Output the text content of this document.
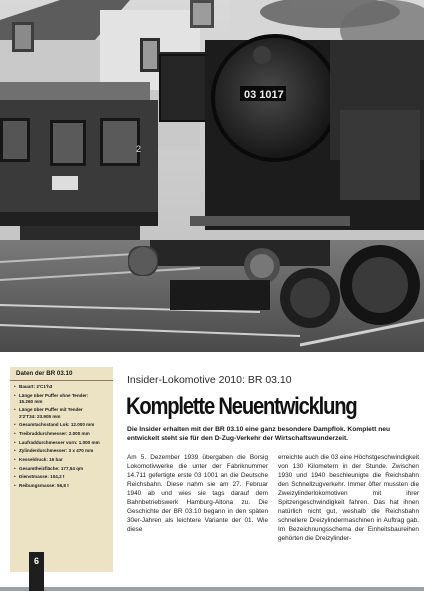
2
03 1017
Daten der BR 03.10
• Bauart: 2'C1'h3
• Länge über Puffer ohne Tender:
15.260 mm
• Länge über Puffer mit Tender
2'2'T34: 23.905 mm
• Gesamtachsstand Lok: 12.000 mm
• Treibraddurchmesser: 2.000 mm
• Laufraddurchmesser vorn: 1.000 mm
• Zylinderdurchmesser: 3 x 470 mm
• Kesseldruck: 16 bar
• Gesamtheizfläche: 177,54 qm
• Dienstmasse: 104,2 t
• Reibungsmasse: 56,8 t
Insider-Lokomotive 2010: BR 03.10
Komplette Neuentwicklung
Die Insider erhalten mit der BR 03.10 eine ganz besondere Dampflok. Komplett neu entwickelt steht sie für den D-Zug-Verkehr der Wirtschaftswunderzeit.
Am 5. Dezember 1939 übergaben die Borsig Lokomotivwerke die unter der Fabriknummer 14.711 gefertigte erste 03 1001 an die Deutsche Reichsbahn. Diese nahm sie am 27. Februar 1940 ab und wies sie tags darauf dem Bahnbetriebswerk Hamburg-Altona zu. Die Geschichte der BR 03.10 begann in den späten 30er-Jahren als leichtere Variante der 01. Wie diese
erreichte auch die 03 eine Höchstgeschwindigkeit von 130 Kilometern in der Stunde. Zwischen 1930 und 1940 beschleunigte die Reichsbahn den Schnellzugverkehr. Immer öfter mussten die Zweizylinderlokomotiven mit ihrer Spitzengeschwindigkeit fahren. Das hat ihnen natürlich nicht gut, weshalb die Reichsbahn schnellere Dreizylindermaschinen in Auftrag gab. Im Bezeichnungsschema der Einheitsbaureihen gehörten die Dreizylinder-
6
